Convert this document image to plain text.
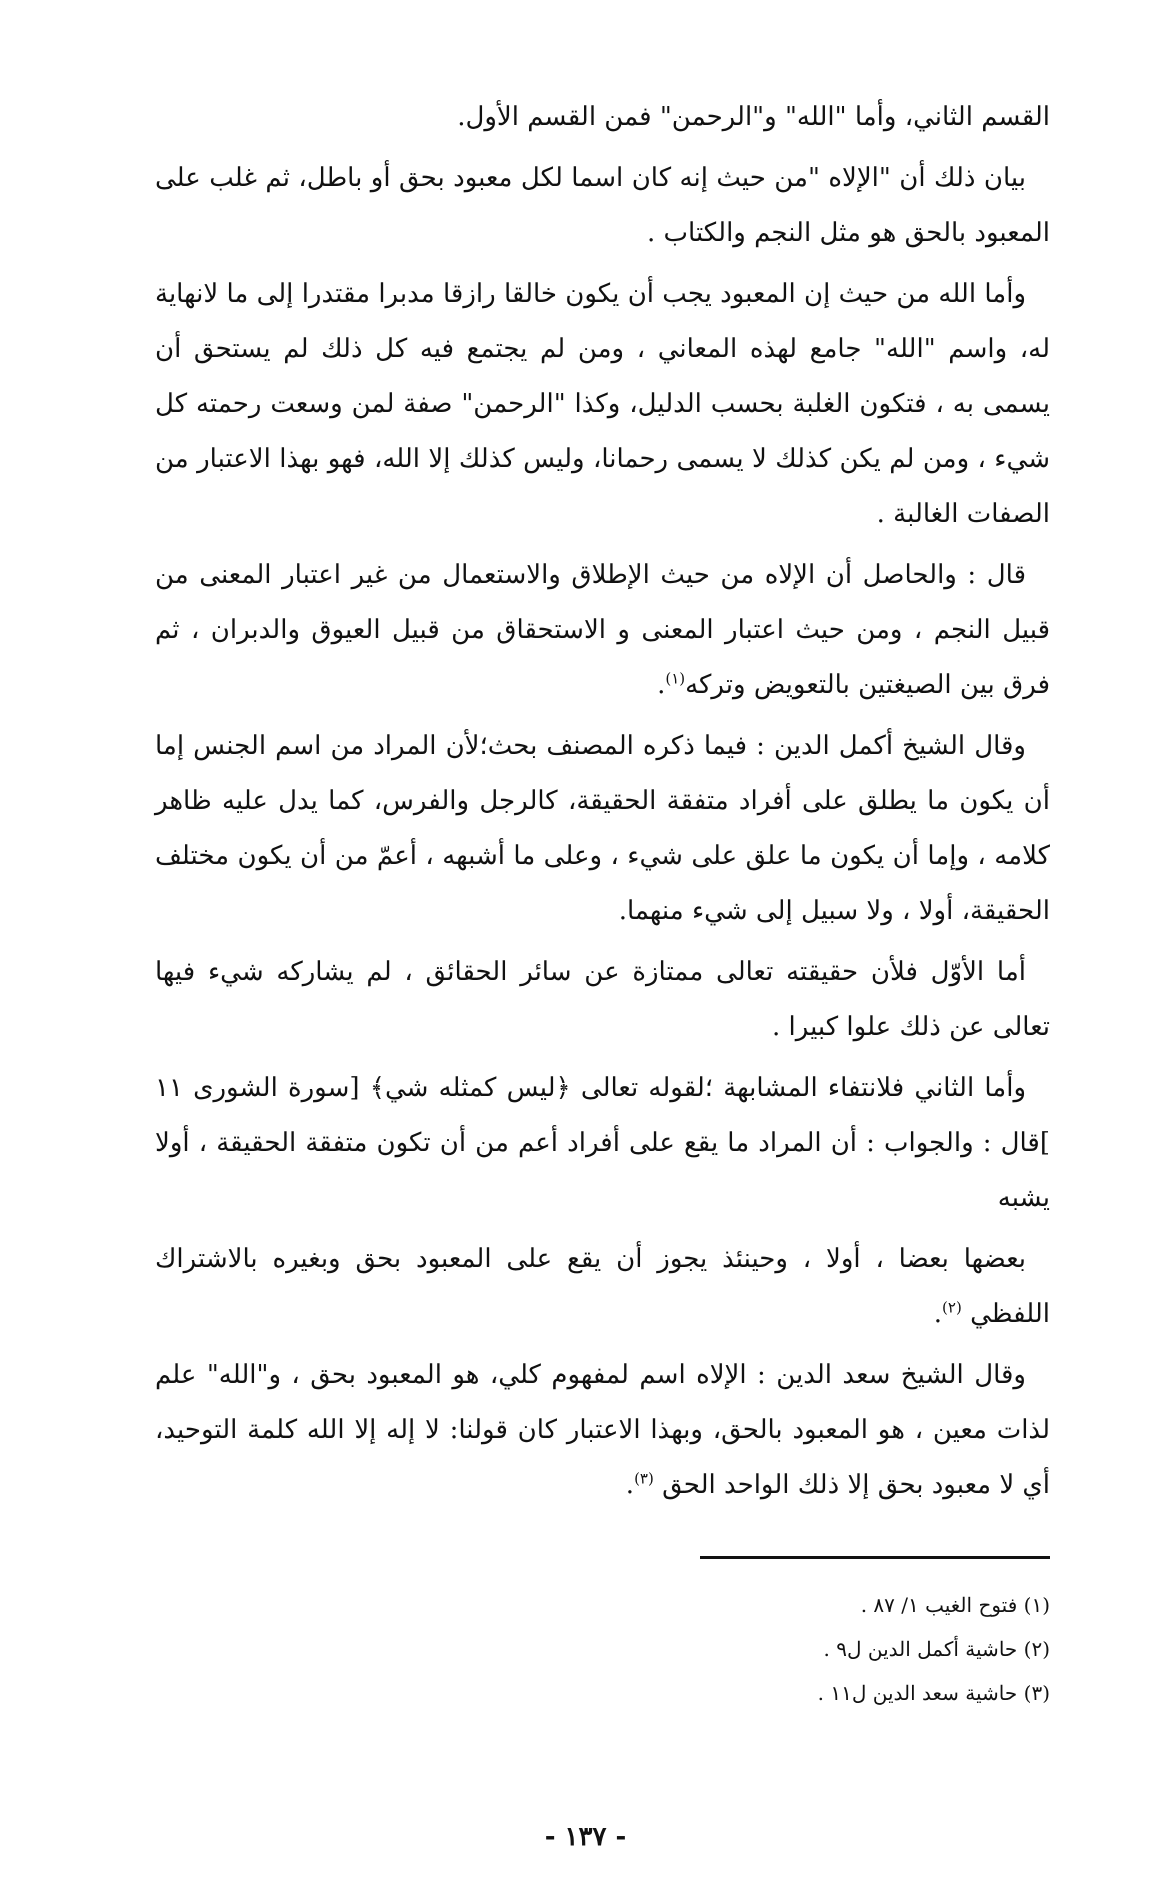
القسم الثاني، وأما "الله" و"الرحمن" فمن القسم الأول.

بيان ذلك أن "الإلاه "من حيث إنه كان اسما لكل معبود بحق أو باطل، ثم غلب على المعبود بالحق هو مثل النجم والكتاب .

وأما الله من حيث إن المعبود يجب أن يكون خالقا رازقا مدبرا مقتدرا إلى ما لانهاية له، واسم "الله" جامع لهذه المعاني ، ومن لم يجتمع فيه كل ذلك لم يستحق أن يسمى به ، فتكون الغلبة بحسب الدليل، وكذا "الرحمن" صفة لمن وسعت رحمته كل شيء ، ومن لم يكن كذلك لا يسمى رحمانا، وليس كذلك إلا الله، فهو بهذا الاعتبار من الصفات الغالبة .

قال : والحاصل أن الإلاه من حيث الإطلاق والاستعمال من غير اعتبار المعنى من قبيل النجم ، ومن حيث اعتبار المعنى و الاستحقاق من قبيل العيوق والدبران ، ثم فرق بين الصيغتين بالتعويض وتركه$^{(١)}$.

وقال الشيخ أكمل الدين : فيما ذكره المصنف بحث؛لأن المراد من اسم الجنس إما أن يكون ما يطلق على أفراد متفقة الحقيقة، كالرجل والفرس، كما يدل عليه ظاهر كلامه ، وإما أن يكون ما علق على شيء ، وعلى ما أشبهه ، أعمّ من أن يكون مختلف الحقيقة، أولا ، ولا سبيل إلى شيء منهما.

أما الأوّل فلأن حقيقته تعالى ممتازة عن سائر الحقائق ، لم يشاركه شيء فيها تعالى عن ذلك علوا كبيرا .

وأما الثاني فلانتفاء المشابهة ؛لقوله تعالى ﴿ليس كمثله شي﴾ [سورة الشورى ١١ ]قال : والجواب : أن المراد ما يقع على أفراد أعم من أن تكون متفقة الحقيقة ، أولا يشبه

بعضها بعضا ، أولا ، وحينئذ يجوز أن يقع على المعبود بحق وبغيره بالاشتراك اللفظي $^{(٢)}$.

وقال الشيخ سعد الدين : الإلاه اسم لمفهوم كلي، هو المعبود بحق ، و"الله" علم لذات معين ، هو المعبود بالحق، وبهذا الاعتبار كان قولنا: لا إله إلا الله كلمة التوحيد، أي لا معبود بحق إلا ذلك الواحد الحق $^{(٣)}$.

(١) فتوح الغيب ١/ ٨٧ .

(٢) حاشية أكمل الدين ل٩ .

(٣) حاشية سعد الدين ل١١ .

- ١٣٧ -
